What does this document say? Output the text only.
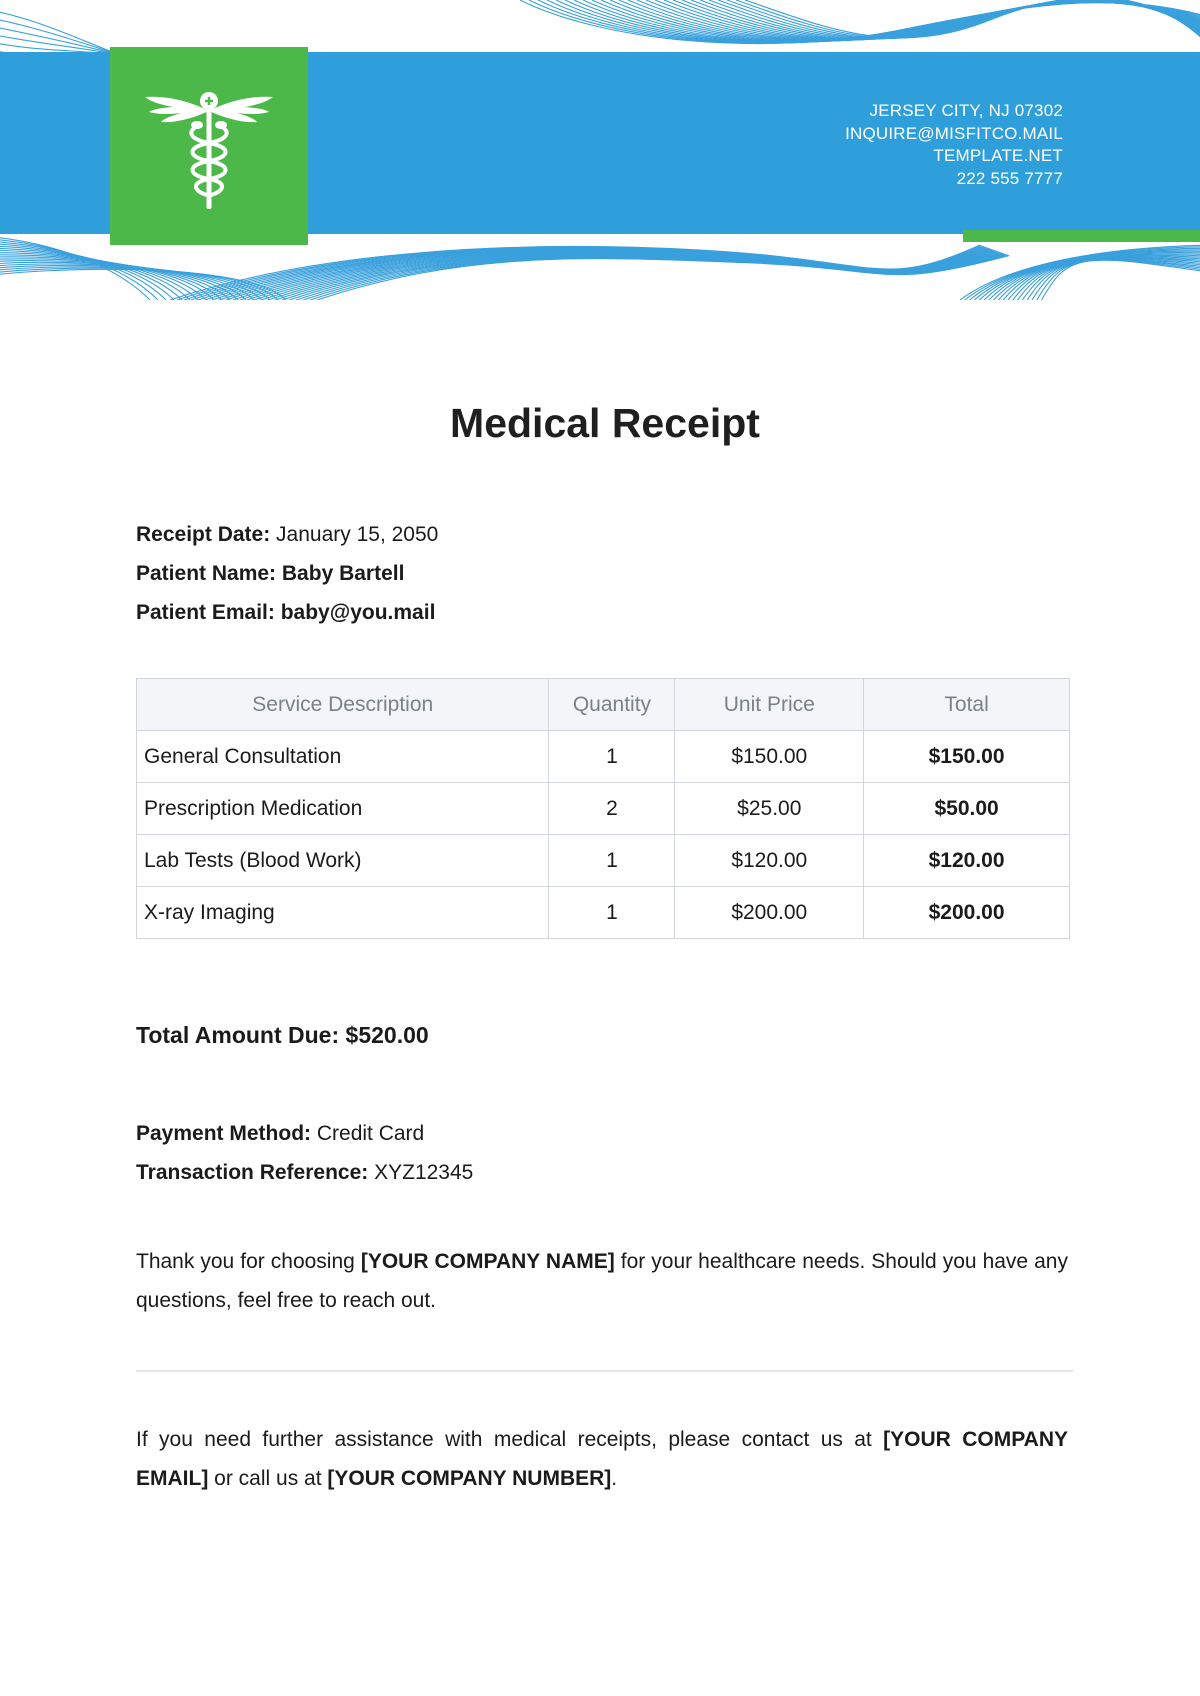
JERSEY CITY, NJ 07302
INQUIRE@MISFITCO.MAIL
TEMPLATE.NET
222 555 7777
Medical Receipt
Receipt Date: January 15, 2050
Patient Name: Baby Bartell
Patient Email: baby@you.mail
Service Description	Quantity	Unit Price	Total
General Consultation	1	$150.00	$150.00
Prescription Medication	2	$25.00	$50.00
Lab Tests (Blood Work)	1	$120.00	$120.00
X-ray Imaging	1	$200.00	$200.00
Total Amount Due: $520.00
Payment Method: Credit Card
Transaction Reference: XYZ12345
Thank you for choosing [YOUR COMPANY NAME] for your healthcare needs. Should you have any questions, feel free to reach out.
If you need further assistance with medical receipts, please contact us at [YOUR COMPANY EMAIL] or call us at [YOUR COMPANY NUMBER].
